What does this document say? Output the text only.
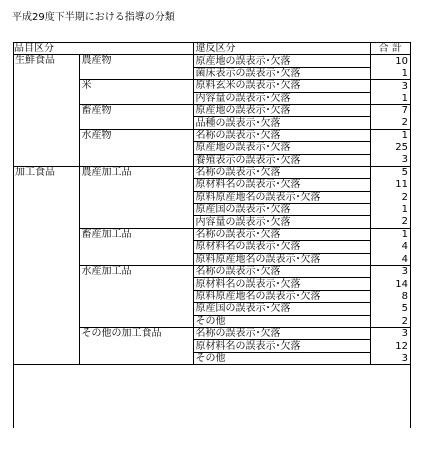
平成29度下半期における指導の分類
品目区分		違反区分	合 計
生鮮食品	農産物	原産地の誤表示･欠落	10
		菌床表示の誤表示･欠落	1
	米	原料玄米の誤表示･欠落	3
		内容量の誤表示･欠落	1
	畜産物	原産地の誤表示･欠落	7
		品種の誤表示･欠落	2
	水産物	名称の誤表示･欠落	1
		原産地の誤表示･欠落	25
		養殖表示の誤表示･欠落	3
加工食品	農産加工品	名称の誤表示･欠落	5
		原材料名の誤表示･欠落	11
		原料原産地名の誤表示･欠落	2
		原産国の誤表示･欠落	1
		内容量の誤表示･欠落	2
	畜産加工品	名称の誤表示･欠落	1
		原材料名の誤表示･欠落	4
		原料原産地名の誤表示･欠落	4
	水産加工品	名称の誤表示･欠落	3
		原材料名の誤表示･欠落	14
		原料原産地名の誤表示･欠落	8
		原産国の誤表示･欠落	5
		その他	2
	その他の加工食品	名称の誤表示･欠落	3
		原材料名の誤表示･欠落	12
		その他	3
